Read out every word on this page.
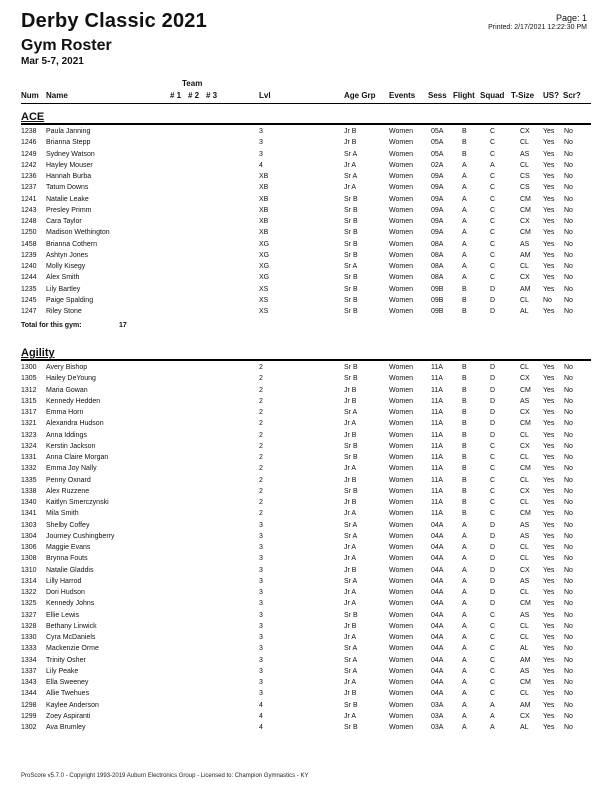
Derby Classic 2021
Gym Roster
Mar 5-7, 2021
Page: 1
Printed: 2/17/2021 12:22:30 PM
Team
Num Name	# 1 # 2 # 3	Lvl	Age Grp Events Sess Flight Squad T-Size US? Scr?
ACE
1238 Paula Janning	3	Jr B	Women	05A	B	C	CX Yes No
1246 Brianna Stepp	3	Jr B	Women	05A	B	C	CL Yes No
1249 Sydney Watson	3	Sr A	Women	05A	B	C	AS Yes No
1242 Hayley Mouser	4	Jr A	Women	02A	A	A	CL Yes No
1236 Hannah Burba	XB	Sr A	Women	09A	A	C	CS Yes No
1237 Tatum Downs	XB	Jr A	Women	09A	A	C	CS Yes No
1241 Natalie Leake	XB	Sr B	Women	09A	A	C	CM Yes No
1243 Presley Primm	XB	Sr B	Women	09A	A	C	CM Yes No
1248 Cara Taylor	XB	Sr B	Women	09A	A	C	CX Yes No
1250 Madison Wethington	XB	Sr B	Women	09A	A	C	CM Yes No
1458 Brianna Cothern	XG	Sr B	Women	08A	A	C	AS Yes No
1239 Ashtyn Jones	XG	Sr B	Women	08A	A	C	AM Yes No
1240 Molly Kisegy	XG	Sr A	Women	08A	A	C	CL Yes No
1244 Alex Smith	XG	Sr B	Women	08A	A	C	CX Yes No
1235 Lily Bartley	XS	Sr B	Women	09B	B	D	AM Yes No
1245 Paige Spalding	XS	Sr B	Women	09B	B	D	CL No No
1247 Riley Stone	XS	Sr B	Women	09B	B	D	AL Yes No
Total for this gym:	17
Agility
1300 Avery Bishop	2	Sr B	Women	11A	B	D	CL Yes No
1305 Hailey DeYoung	2	Sr B	Women	11A	B	D	CX Yes No
1312 Maria Gowan	2	Jr B	Women	11A	B	D	CM Yes No
1315 Kennedy Hedden	2	Jr B	Women	11A	B	D	AS Yes No
1317 Emma Horn	2	Sr A	Women	11A	B	D	CX Yes No
1321 Alexandra Hudson	2	Jr A	Women	11A	B	D	CM Yes No
1323 Anna Iddings	2	Jr B	Women	11A	B	D	CL Yes No
1324 Kerstin Jackson	2	Sr B	Women	11A	B	C	CX Yes No
1331 Anna Claire Morgan	2	Sr B	Women	11A	B	C	CL Yes No
1332 Emma Joy Nally	2	Jr A	Women	11A	B	C	CM Yes No
1335 Penny Oxnard	2	Jr B	Women	11A	B	C	CL Yes No
1338 Alex Ruzzene	2	Sr B	Women	11A	B	C	CX Yes No
1340 Kaitlyn Smerczynski	2	Jr B	Women	11A	B	C	CL Yes No
1341 Mila Smith	2	Jr A	Women	11A	B	C	CM Yes No
1303 Shelby Coffey	3	Sr A	Women	04A	A	D	AS Yes No
1304 Journey Cushingberry	3	Sr A	Women	04A	A	D	AS Yes No
1306 Maggie Evans	3	Jr A	Women	04A	A	D	CL Yes No
1308 Brynna Fouts	3	Jr A	Women	04A	A	D	CL Yes No
1310 Natalie Gladdis	3	Jr B	Women	04A	A	D	CX Yes No
1314 Lilly Harrod	3	Sr A	Women	04A	A	D	AS Yes No
1322 Dori Hudson	3	Jr A	Women	04A	A	D	CL Yes No
1325 Kennedy Johns	3	Jr A	Women	04A	A	D	CM Yes No
1327 Ellie Lewis	3	Sr B	Women	04A	A	C	AS Yes No
1328 Bethany Linwick	3	Jr B	Women	04A	A	C	CL Yes No
1330 Cyra McDaniels	3	Jr A	Women	04A	A	C	CL Yes No
1333 Mackenzie Orme	3	Sr A	Women	04A	A	C	AL Yes No
1334 Trinity Osher	3	Sr A	Women	04A	A	C	AM Yes No
1337 Lily Peake	3	Sr A	Women	04A	A	C	AS Yes No
1343 Ella Sweeney	3	Jr A	Women	04A	A	C	CM Yes No
1344 Allie Twehues	3	Jr B	Women	04A	A	C	CL Yes No
1298 Kaylee Anderson	4	Sr B	Women	03A	A	A	AM Yes No
1299 Zoey Aspiranti	4	Jr A	Women	03A	A	A	CX Yes No
1302 Ava Brumley	4	Sr B	Women	03A	A	A	AL Yes No
ProScore v5.7.0 - Copyright 1993-2019 Auburn Electronics Group - Licensed to: Champion Gymnastics - KY
